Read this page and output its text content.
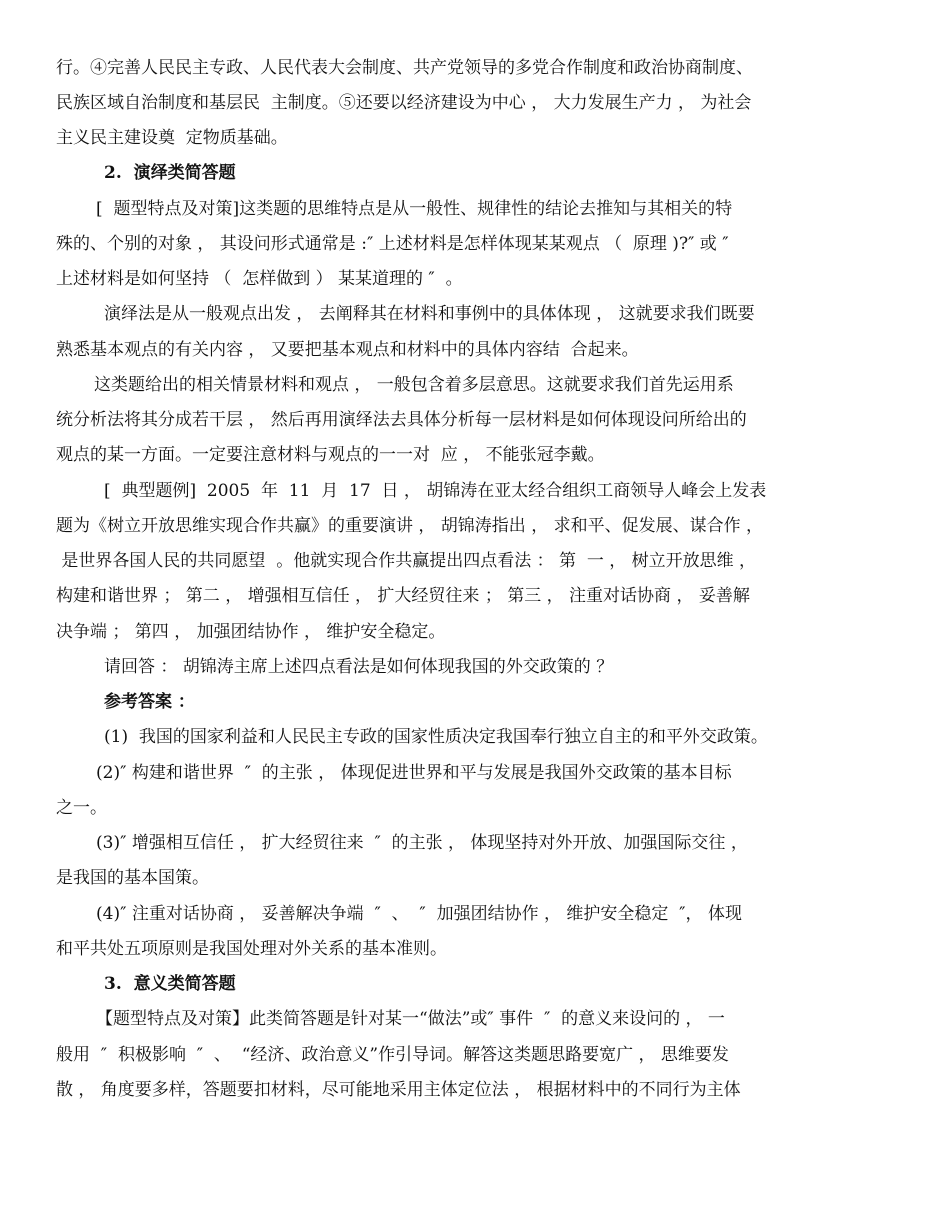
行。④完善人民民主专政、人民代表大会制度、共产党领导的多党合作制度和政治协商制度、
民族区域自治制度和基层民  主制度。⑤还要以经济建设为中心 ， 大力发展生产力 ， 为社会
主义民主建设奠  定物质基础。
2.  演绎类简答题
[  题型特点及对策]这类题的思维特点是从一般性、规律性的结论去推知与其相关的特
殊的、个别的对象 ， 其设问形式通常是 :″ 上述材料是怎样体现某某观点 （  原理 )?″ 或 ″
上述材料是如何坚持 （  怎样做到 ） 某某道理的 ″  。
演绎法是从一般观点出发 ， 去阐释其在材料和事例中的具体体现 ， 这就要求我们既要
熟悉基本观点的有关内容 ， 又要把基本观点和材料中的具体内容结  合起来。
这类题给出的相关情景材料和观点 ， 一般包含着多层意思。这就要求我们首先运用系
统分析法将其分成若干层 ， 然后再用演绎法去具体分析每一层材料是如何体现设问所给出的
观点的某一方面。一定要注意材料与观点的一一对  应 ， 不能张冠李戴。
[  典型题例]  2005  年  11  月  17  日 ， 胡锦涛在亚太经合组织工商领导人峰会上发表
题为《树立开放思维实现合作共赢》的重要演讲 ， 胡锦涛指出 ， 求和平、促发展、谋合作 ，
是世界各国人民的共同愿望  。他就实现合作共赢提出四点看法 ： 第  一 ， 树立开放思维 ，
构建和谐世界 ； 第二 ， 增强相互信任 ， 扩大经贸往来 ； 第三 ， 注重对话协商 ， 妥善解
决争端 ； 第四 ， 加强团结协作 ， 维护安全稳定。
请回答 ： 胡锦涛主席上述四点看法是如何体现我国的外交政策的 ？
参考答案 ：
(1)  我国的国家利益和人民民主专政的国家性质决定我国奉行独立自主的和平外交政策。
(2)″ 构建和谐世界  ″  的主张 ， 体现促进世界和平与发展是我国外交政策的基本目标
之一。
(3)″ 增强相互信任 ， 扩大经贸往来  ″  的主张 ， 体现坚持对外开放、加强国际交往 ，
是我国的基本国策。
(4)″ 注重对话协商 ， 妥善解决争端  ″  、  ″  加强团结协作 ， 维护安全稳定  ″， 体现
和平共处五项原则是我国处理对外关系的基本准则。
3.  意义类简答题
【题型特点及对策】此类简答题是针对某一“做法”或″ 事件  ″  的意义来设问的 ， 一
般用  ″  积极影响  ″  、  “经济、政治意义”作引导词。解答这类题思路要宽广 ， 思维要发
散 ， 角度要多样，答题要扣材料，尽可能地采用主体定位法 ， 根据材料中的不同行为主体
